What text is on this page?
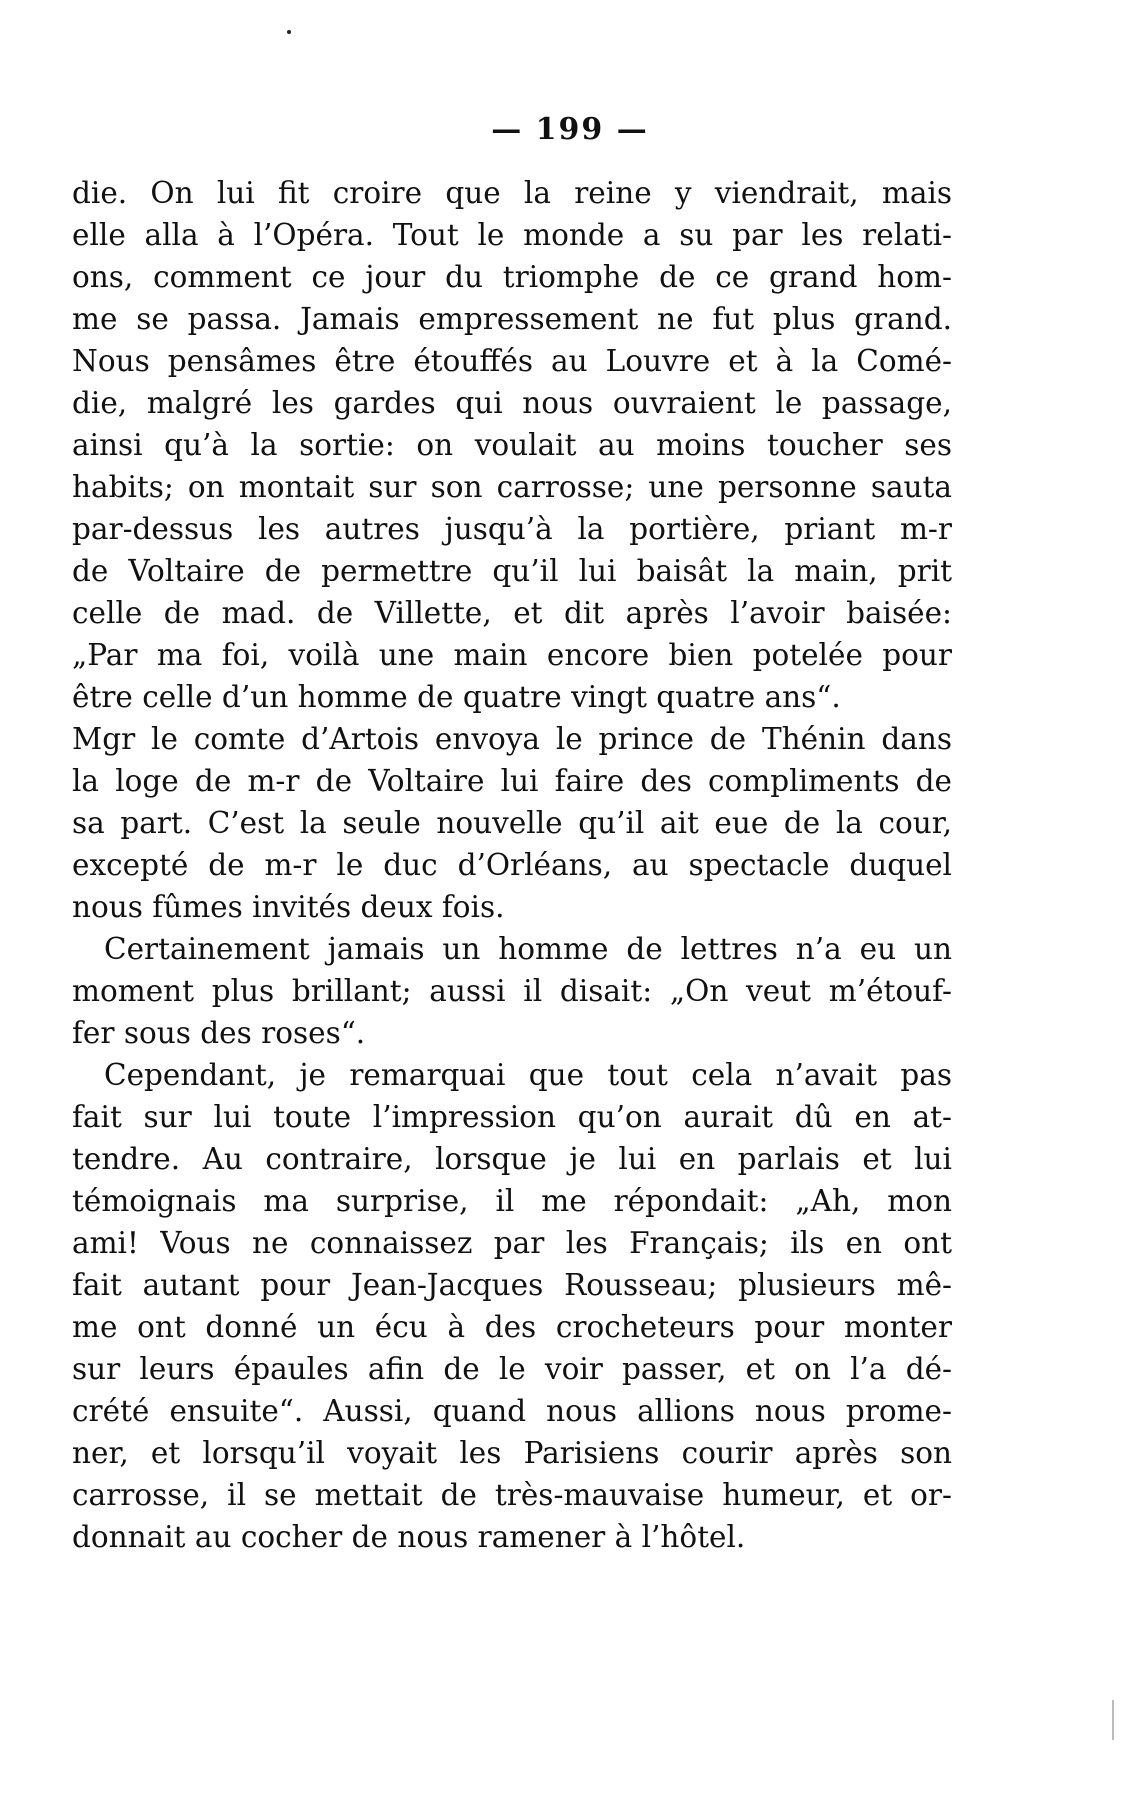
— 199 —
die. On lui fit croire que la reine y viendrait, mais
elle alla à l’Opéra. Tout le monde a su par les relati-
ons, comment ce jour du triomphe de ce grand hom-
me se passa. Jamais empressement ne fut plus grand.
Nous pensâmes être étouffés au Louvre et à la Comé-
die, malgré les gardes qui nous ouvraient le passage,
ainsi qu’à la sortie: on voulait au moins toucher ses
habits; on montait sur son carrosse; une personne sauta
par-dessus les autres jusqu’à la portière, priant m-r
de Voltaire de permettre qu’il lui baisât la main, prit
celle de mad. de Villette, et dit après l’avoir baisée:
„Par ma foi, voilà une main encore bien potelée pour
être celle d’un homme de quatre vingt quatre ans“.
Mgr le comte d’Artois envoya le prince de Thénin dans
la loge de m-r de Voltaire lui faire des compliments de
sa part. C’est la seule nouvelle qu’il ait eue de la cour,
excepté de m-r le duc d’Orléans, au spectacle duquel
nous fûmes invités deux fois.
Certainement jamais un homme de lettres n’a eu un
moment plus brillant; aussi il disait: „On veut m’étouf-
fer sous des roses“.
Cependant, je remarquai que tout cela n’avait pas
fait sur lui toute l’impression qu’on aurait dû en at-
tendre. Au contraire, lorsque je lui en parlais et lui
témoignais ma surprise, il me répondait: „Ah, mon
ami! Vous ne connaissez par les Français; ils en ont
fait autant pour Jean-Jacques Rousseau; plusieurs mê-
me ont donné un écu à des crocheteurs pour monter
sur leurs épaules afin de le voir passer, et on l’a dé-
crété ensuite“. Aussi, quand nous allions nous prome-
ner, et lorsqu’il voyait les Parisiens courir après son
carrosse, il se mettait de très-mauvaise humeur, et or-
donnait au cocher de nous ramener à l’hôtel.
